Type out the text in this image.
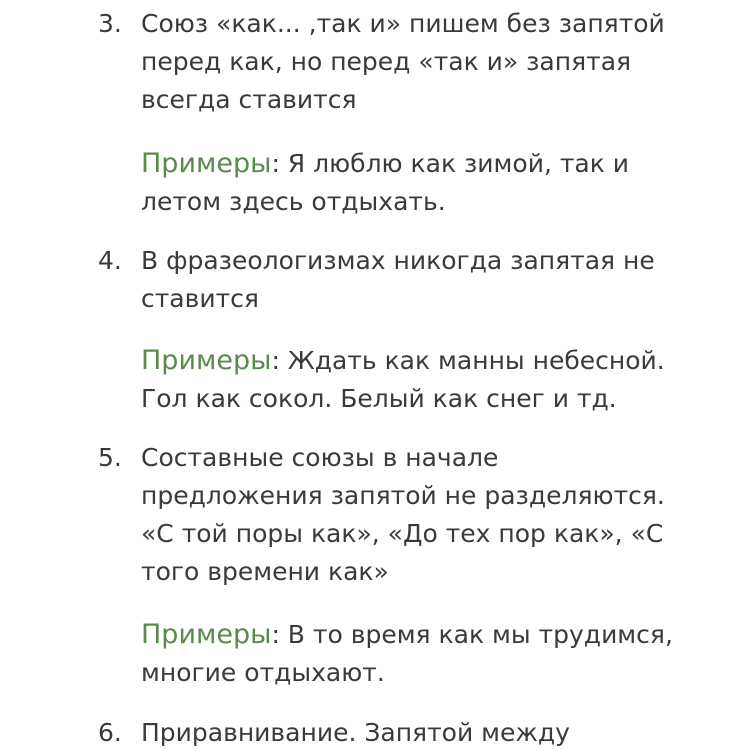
3. Союз «как... ,так и» пишем без запятой
перед как, но перед «так и» запятая
всегда ставится
Примеры: Я люблю как зимой, так и
летом здесь отдыхать.
4. В фразеологизмах никогда запятая не
ставится
Примеры: Ждать как манны небесной.
Гол как сокол. Белый как снег и тд.
5. Составные союзы в начале
предложения запятой не разделяются.
«С той поры как», «До тех пор как», «С
того времени как»
Примеры: В то время как мы трудимся,
многие отдыхают.
6. Приравнивание. Запятой между
